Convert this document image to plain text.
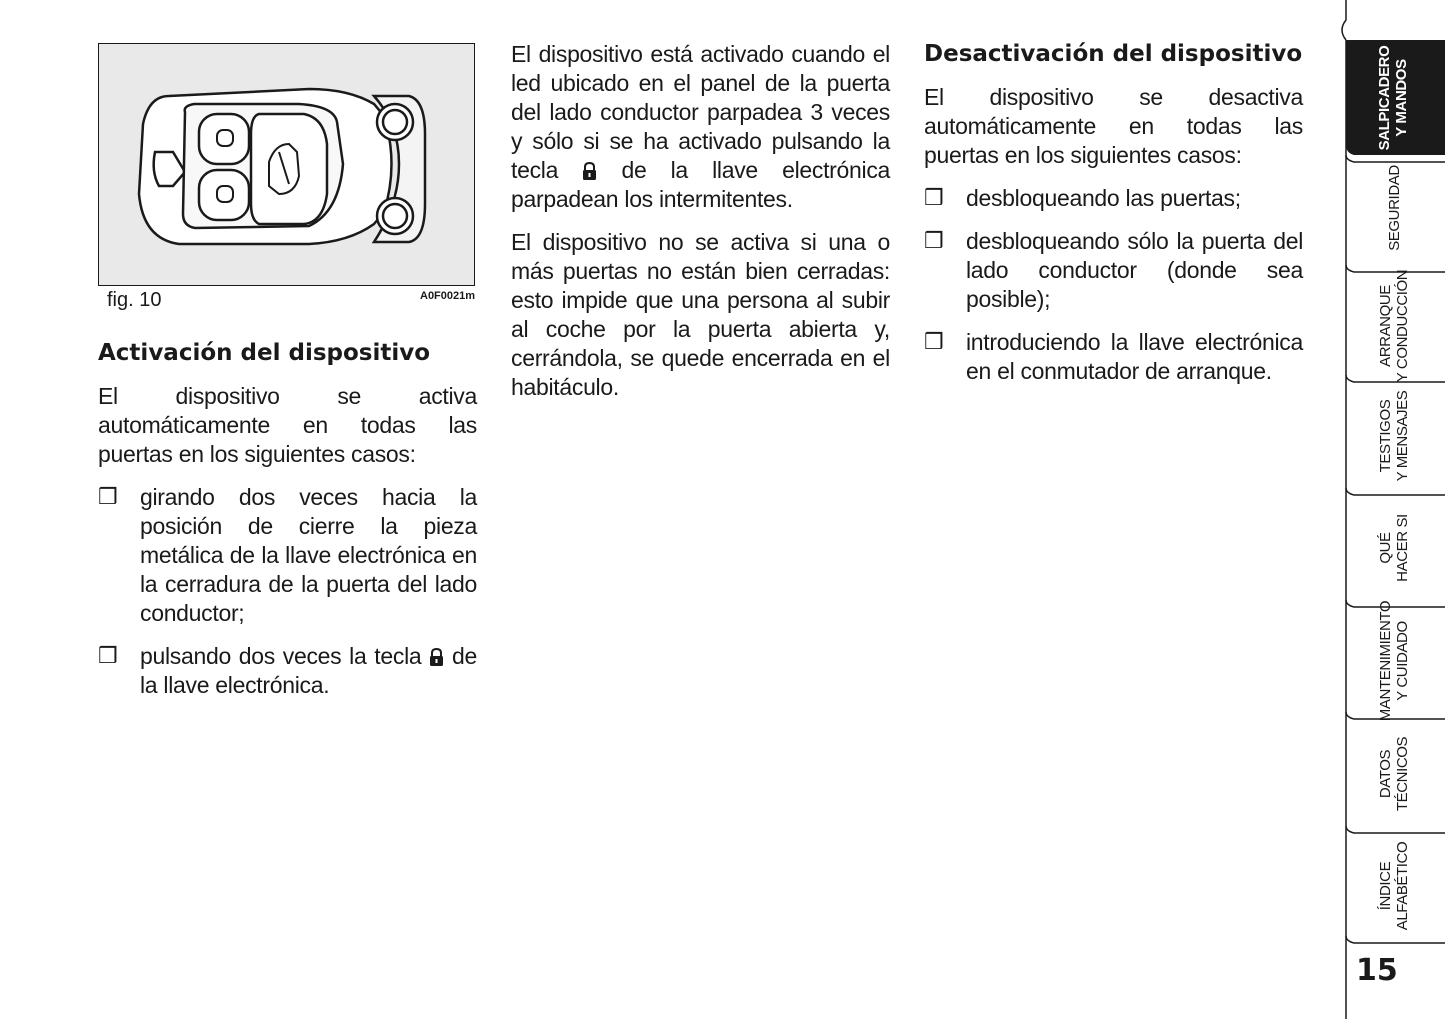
fig. 10	A0F0021m
Activación del dispositivo

El dispositivo se activa automáticamente en todas las puertas en los siguientes casos:

❒ girando dos veces hacia la posición de cierre la pieza metálica de la llave electrónica en la cerradura de la puerta del lado conductor;
❒ pulsando dos veces la tecla de la llave electrónica.

El dispositivo está activado cuando el led ubicado en el panel de la puerta del lado conductor parpadea 3 veces y sólo si se ha activado pulsando la tecla	de la llave electrónica parpadean los intermitentes.

El dispositivo no se activa si una o más puertas no están bien cerradas: esto impide que una persona al subir al coche por la puerta abierta y, cerrándola, se quede encerrada en el habitáculo.

Desactivación del dispositivo

El dispositivo se desactiva automáticamente en todas las puertas en los siguientes casos:

❒ desbloqueando las puertas;
❒ desbloqueando sólo la puerta del lado conductor (donde sea posible);
❒ introduciendo la llave electrónica en el conmutador de arranque.
SALPICADERO Y MANDOS
SEGURIDAD
ARRANQUE Y CONDUCCIÓN
TESTIGOS Y MENSAJES
QUÉ HACER SI
MANTENIMIENTO Y CUIDADO
DATOS TÉCNICOS
ÍNDICE ALFABÉTICO
15
